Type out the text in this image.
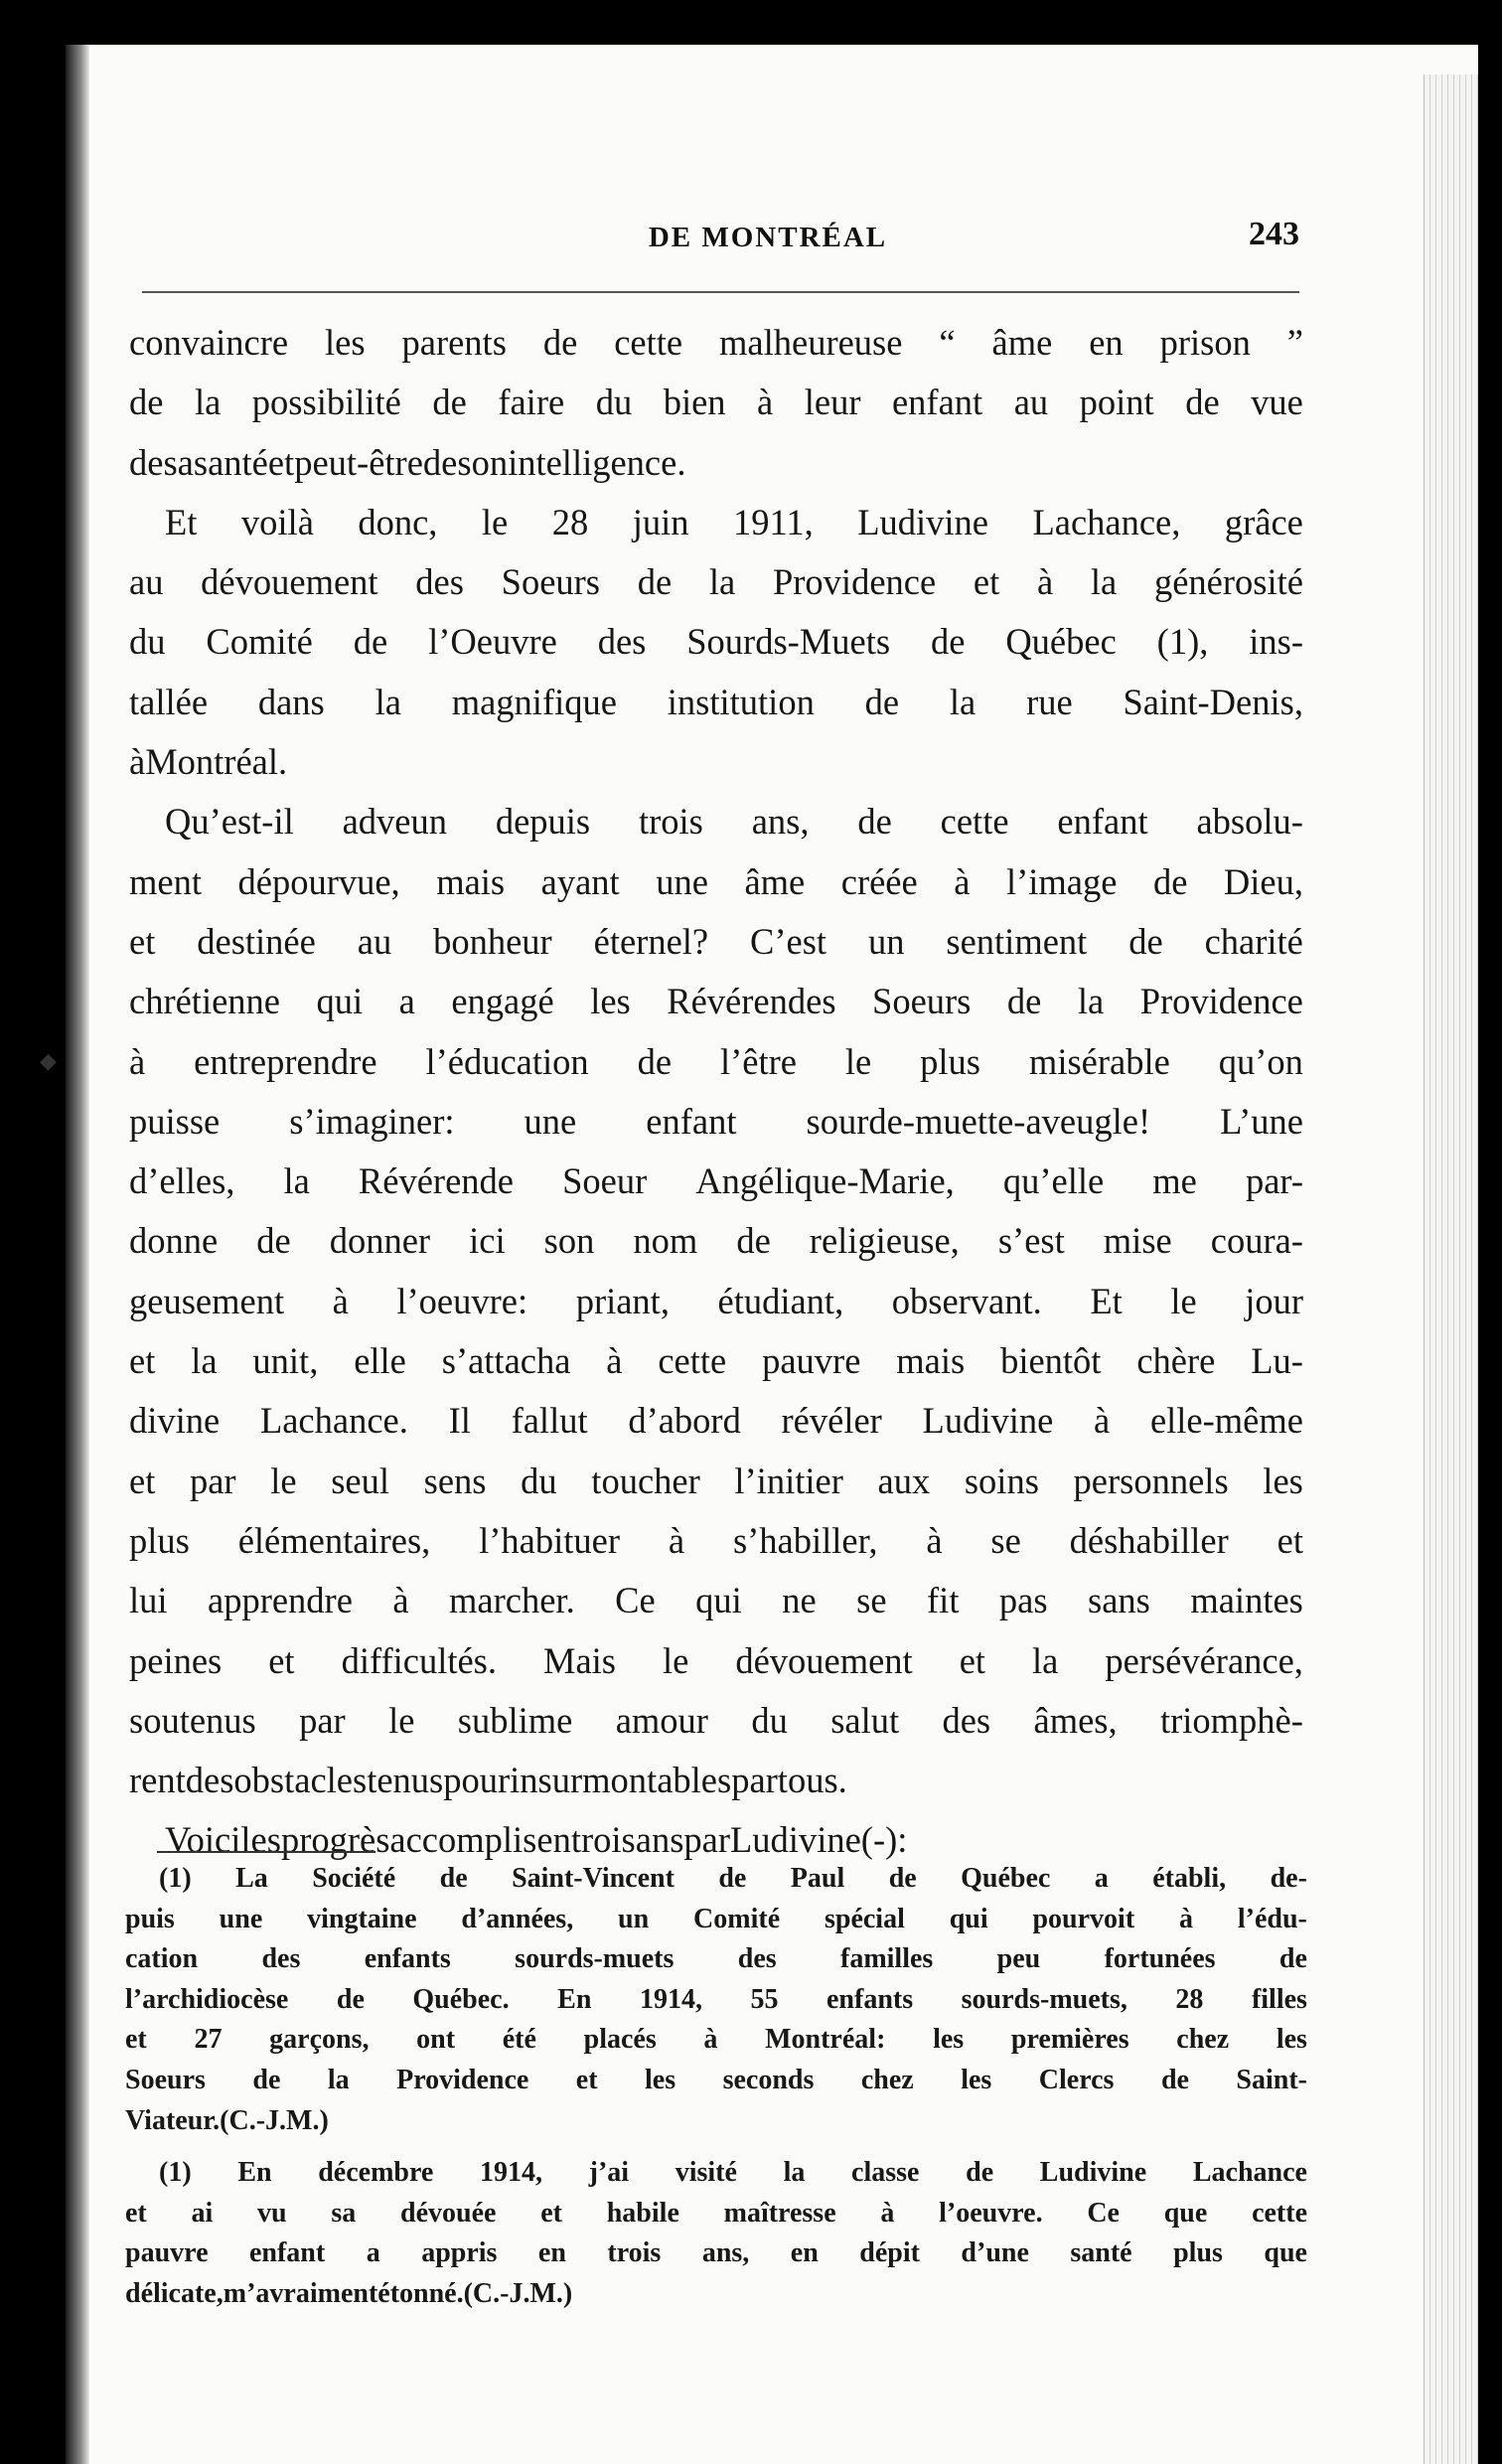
DE MONTRÉAL	243
convaincre les parents de cette malheureuse “ âme en prison ”
de la possibilité de faire du bien à leur enfant au point de vue
de sa santé et peut-être de son intelligence.
Et voilà donc, le 28 juin 1911, Ludivine Lachance, grâce
au dévouement des Soeurs de la Providence et à la générosité
du Comité de l’Oeuvre des Sourds-Muets de Québec (1), ins-
tallée dans la magnifique institution de la rue Saint-Denis,
à Montréal.
Qu’est-il adveun depuis trois ans, de cette enfant absolu-
ment dépourvue, mais ayant une âme créée à l’image de Dieu,
et destinée au bonheur éternel? C’est un sentiment de charité
chrétienne qui a engagé les Révérendes Soeurs de la Providence
à entreprendre l’éducation de l’être le plus misérable qu’on
puisse s’imaginer: une enfant sourde-muette-aveugle! L’une
d’elles, la Révérende Soeur Angélique-Marie, qu’elle me par-
donne de donner ici son nom de religieuse, s’est mise coura-
geusement à l’oeuvre: priant, étudiant, observant. Et le jour
et la unit, elle s’attacha à cette pauvre mais bientôt chère Lu-
divine Lachance. Il fallut d’abord révéler Ludivine à elle-même
et par le seul sens du toucher l’initier aux soins personnels les
plus élémentaires, l’habituer à s’habiller, à se déshabiller et
lui apprendre à marcher. Ce qui ne se fit pas sans maintes
peines et difficultés. Mais le dévouement et la persévérance,
soutenus par le sublime amour du salut des âmes, triomphè-
rent des obstacles tenus pour insurmontables par tous.
Voici les progrès accomplis en trois ans par Ludivine (-) :
(1) La Société de Saint-Vincent de Paul de Québec a établi, de-
puis une vingtaine d’années, un Comité spécial qui pourvoit à l’édu-
cation des enfants sourds-muets des familles peu fortunées de
l’archidiocèse de Québec. En 1914, 55 enfants sourds-muets, 28 filles
et 27 garçons, ont été placés à Montréal: les premières chez les
Soeurs de la Providence et les seconds chez les Clercs de Saint-
Viateur. (C.-J. M.)
(1) En décembre 1914, j’ai visité la classe de Ludivine Lachance
et ai vu sa dévouée et habile maîtresse à l’oeuvre. Ce que cette
pauvre enfant a appris en trois ans, en dépit d’une santé plus que
délicate, m’a vraiment étonné. (C.-J. M.)
◆
